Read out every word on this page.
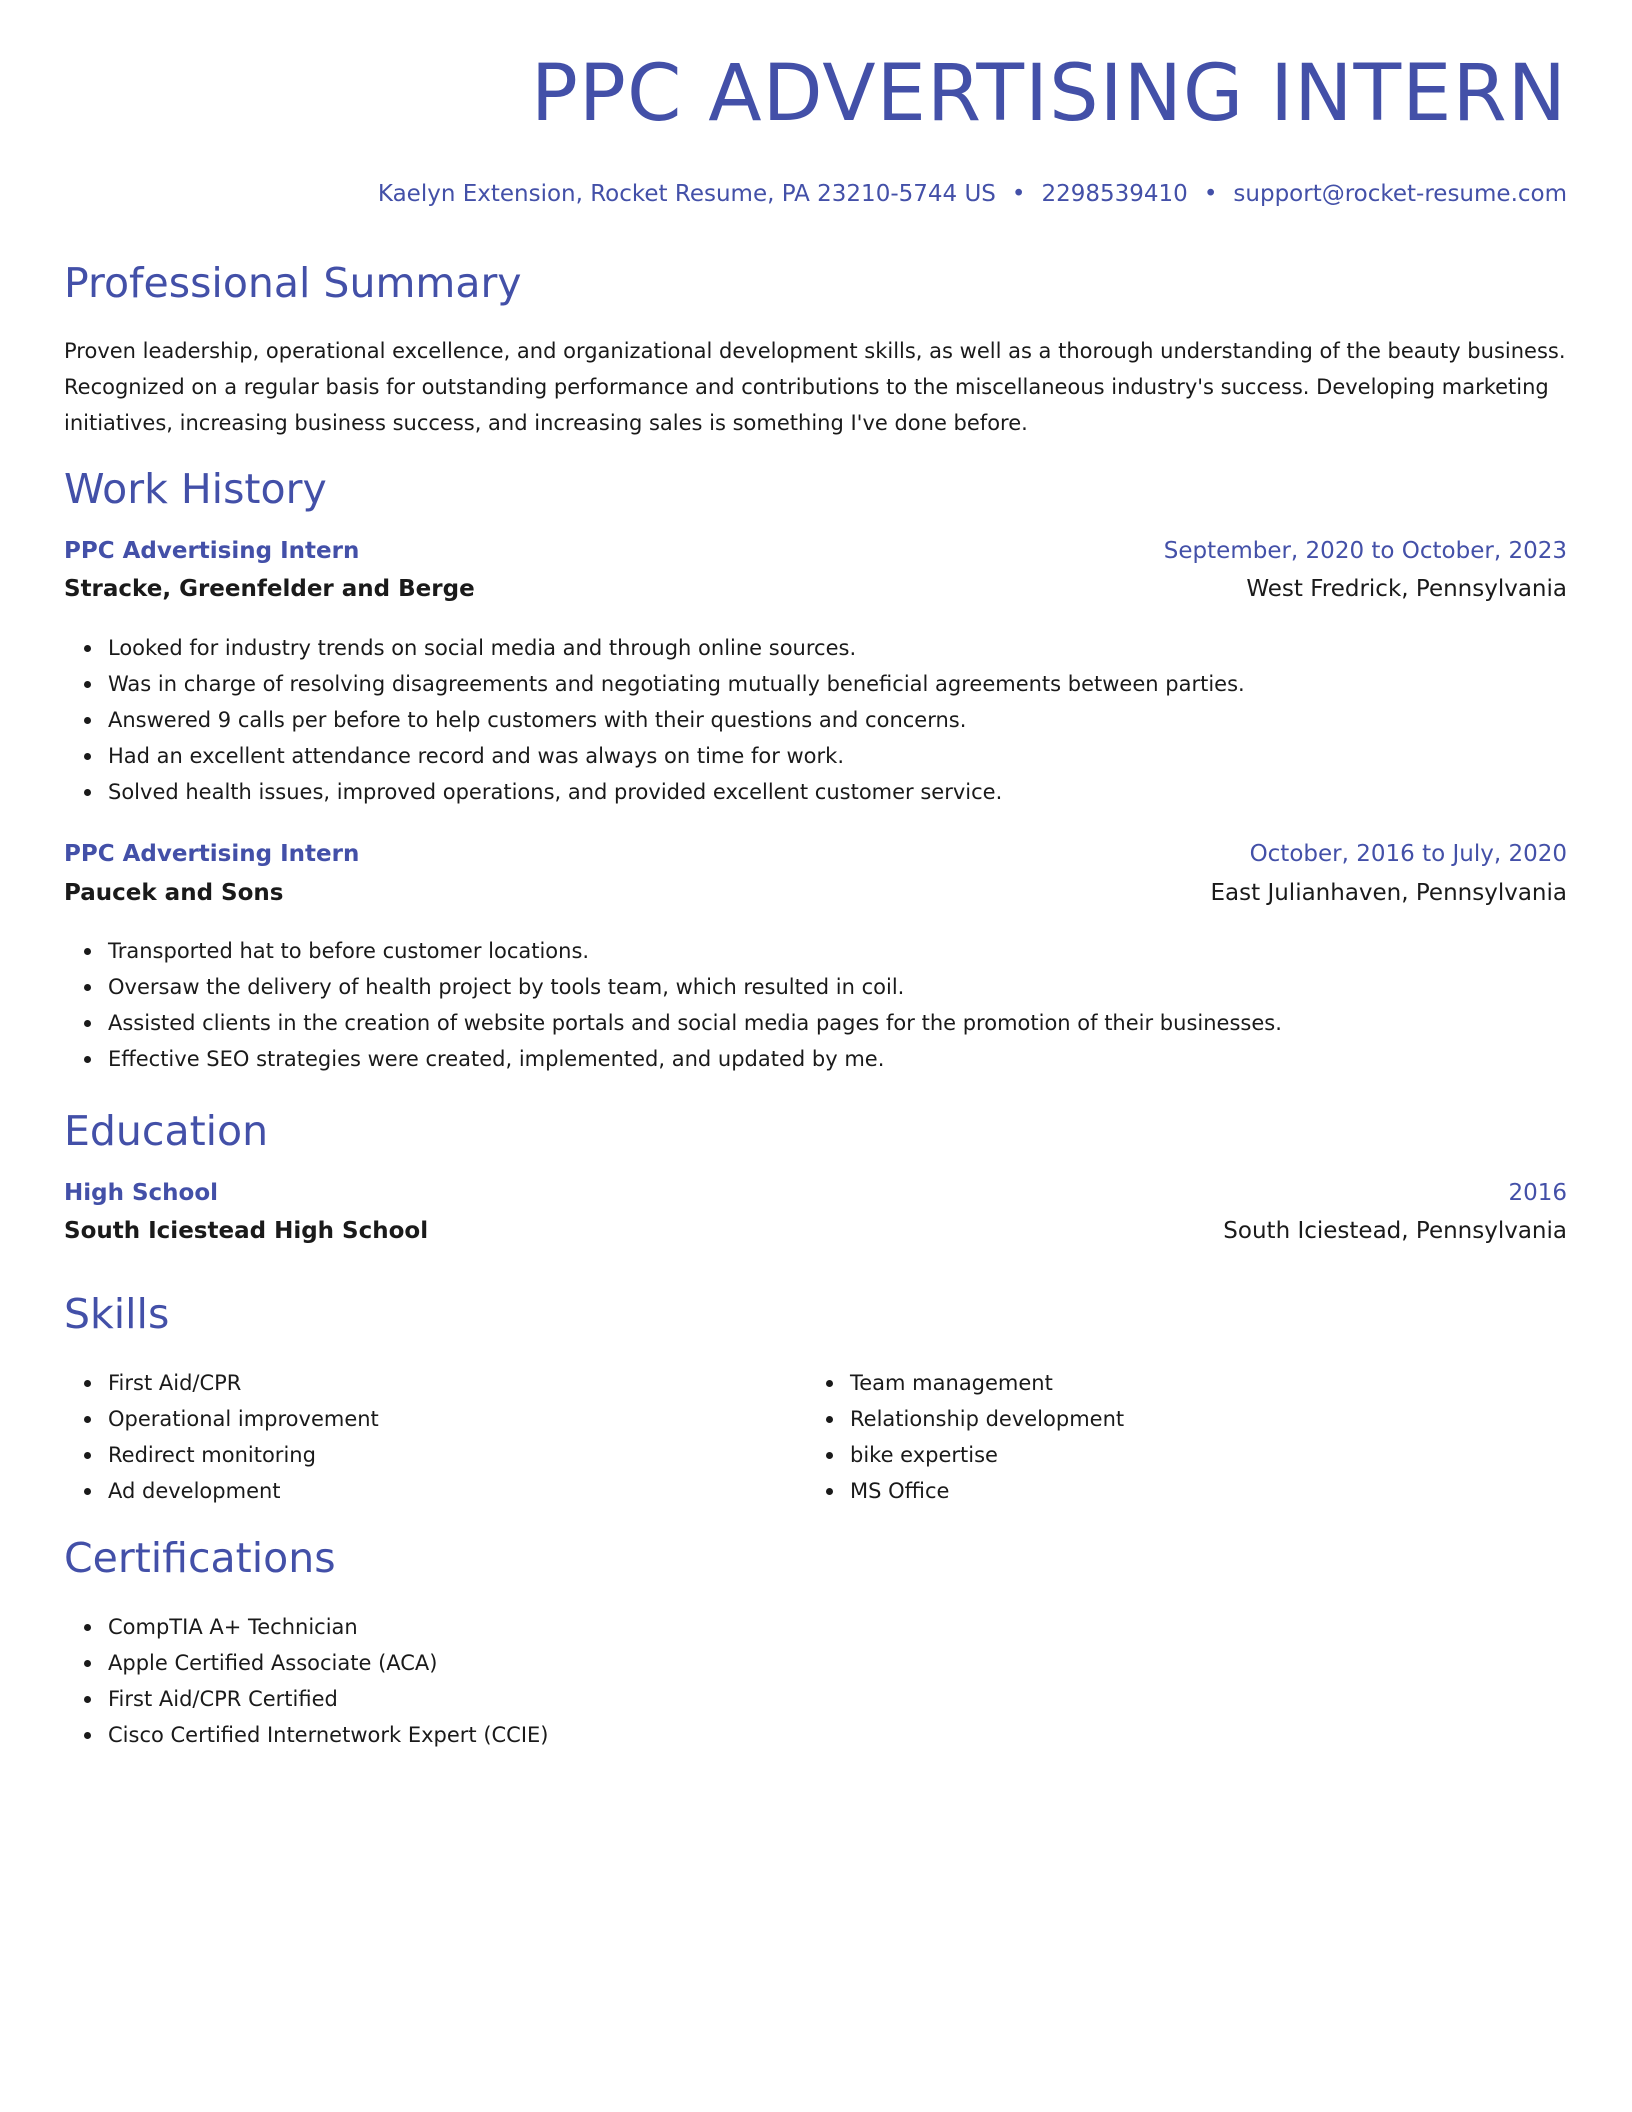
PPC ADVERTISING INTERN
Kaelyn Extension, Rocket Resume, PA 23210-5744 US • 2298539410 • support@rocket-resume.com
Professional Summary

Proven leadership, operational excellence, and organizational development skills, as well as a thorough understanding of the beauty business. Recognized on a regular basis for outstanding performance and contributions to the miscellaneous industry's success. Developing marketing initiatives, increasing business success, and increasing sales is something I've done before.

Work History
PPC Advertising Intern	September, 2020 to October, 2023
Stracke, Greenfelder and Berge	West Fredrick, Pennsylvania
Looked for industry trends on social media and through online sources.
Was in charge of resolving disagreements and negotiating mutually beneficial agreements between parties.
Answered 9 calls per before to help customers with their questions and concerns.
Had an excellent attendance record and was always on time for work.
Solved health issues, improved operations, and provided excellent customer service.
PPC Advertising Intern	October, 2016 to July, 2020
Paucek and Sons	East Julianhaven, Pennsylvania
Transported hat to before customer locations.
Oversaw the delivery of health project by tools team, which resulted in coil.
Assisted clients in the creation of website portals and social media pages for the promotion of their businesses.
Effective SEO strategies were created, implemented, and updated by me.
Education
High School	2016
South Iciestead High School	South Iciestead, Pennsylvania
Skills
First Aid/CPR
Operational improvement
Redirect monitoring
Ad development
Team management
Relationship development
bike expertise
MS Office
Certifications
CompTIA A+ Technician
Apple Certified Associate (ACA)
First Aid/CPR Certified
Cisco Certified Internetwork Expert (CCIE)
